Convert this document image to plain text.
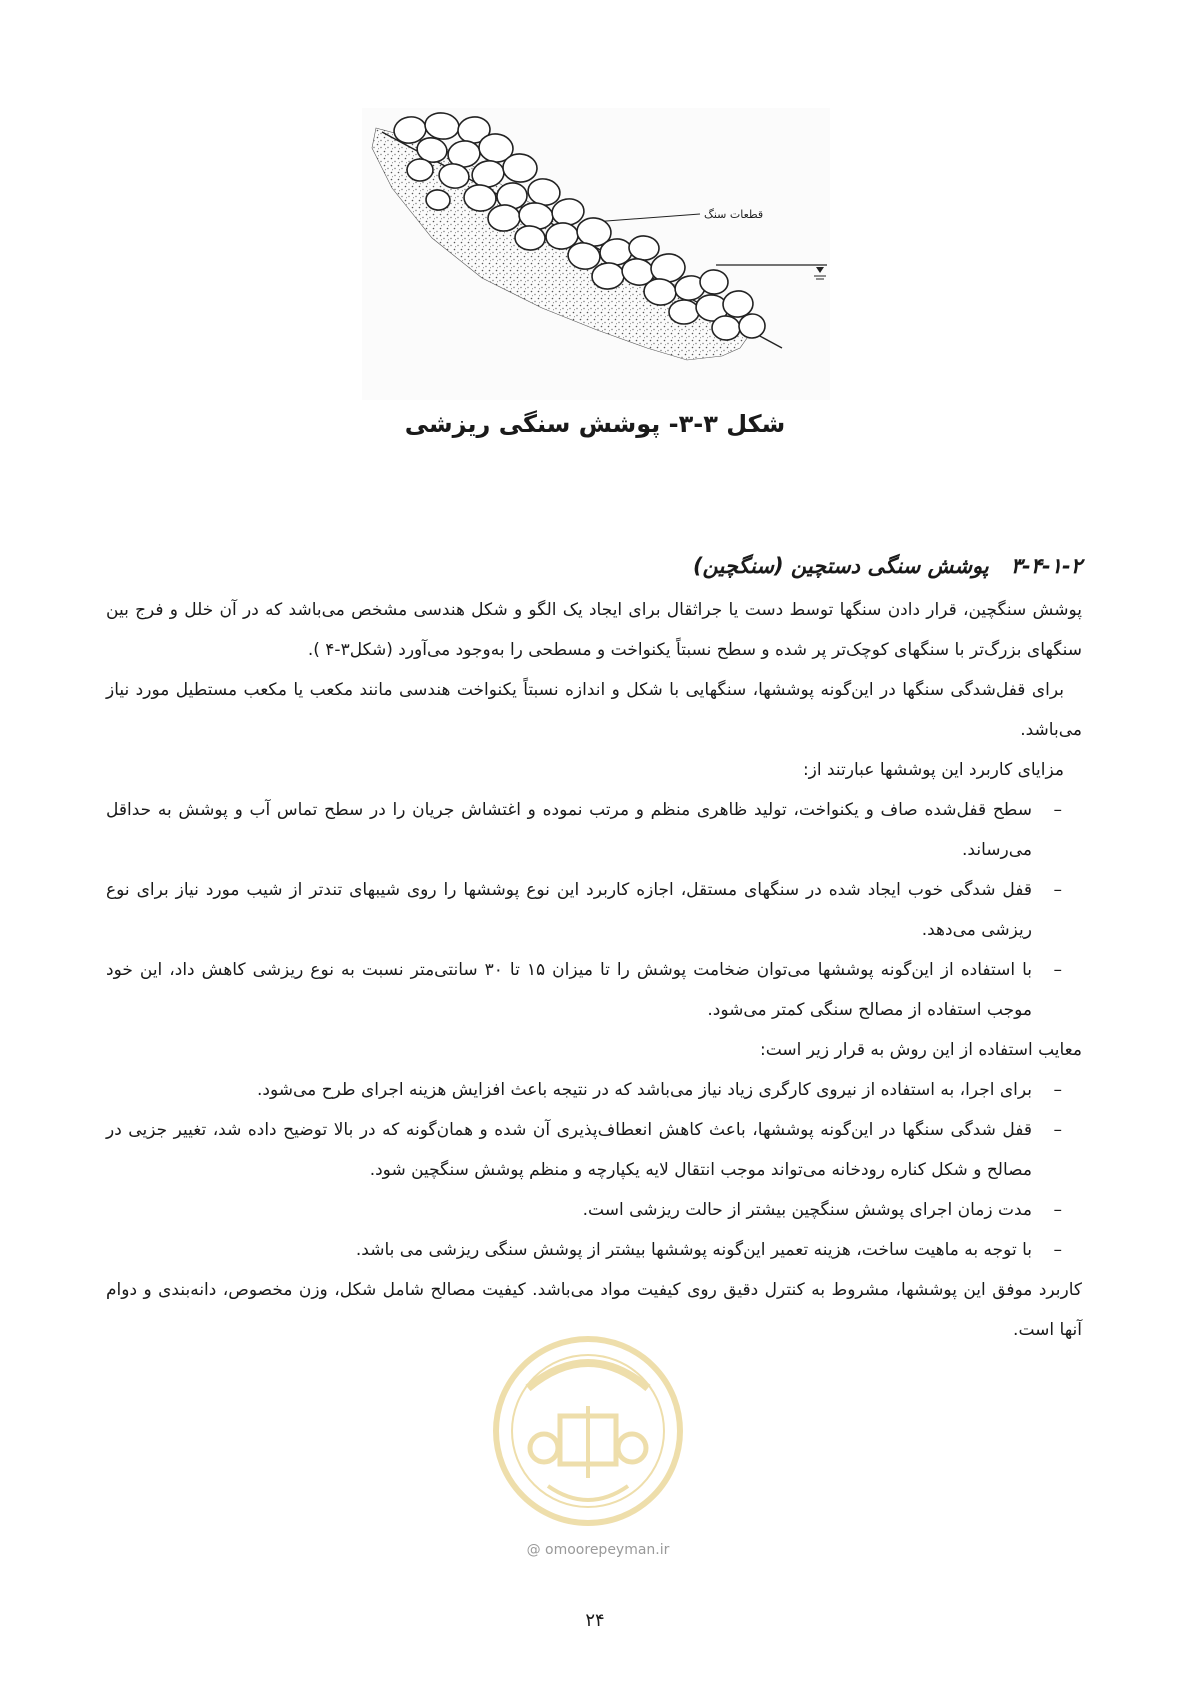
قطعات سنگ
شکل ۳-۳- پوشش سنگی ریزشی
۳-۴-۱-۲پوشش سنگی دستچین (سنگچین)

پوشش سنگچین، قرار دادن سنگها توسط دست یا جراثقال برای ایجاد یک الگو و شکل هندسی مشخص می‌باشد که در آن خلل و فرج بین سنگهای بزرگ‌تر با سنگهای کوچک‌تر پر شده و سطح نسبتاً یکنواخت و مسطحی را به‌وجود می‌آورد (شکل۳-۴ ).

برای قفل‌شدگی سنگها در این‌گونه پوششها، سنگهایی با شکل و اندازه نسبتاً یکنواخت هندسی مانند مکعب یا مکعب مستطیل مورد نیاز می‌باشد.

مزایای کاربرد این پوششها عبارتند از:

–
سطح قفل‌شده صاف و یکنواخت، تولید ظاهری منظم و مرتب نموده و اغتشاش جریان را در سطح تماس آب و پوشش به حداقل می‌رساند.
–
قفل شدگی خوب ایجاد شده در سنگهای مستقل، اجازه کاربرد این نوع پوششها را روی شیبهای تندتر از شیب مورد نیاز برای نوع ریزشی می‌دهد.
–
با استفاده از این‌گونه پوششها می‌توان ضخامت پوشش را تا میزان ۱۵ تا ۳۰ سانتی‌متر نسبت به نوع ریزشی کاهش داد، این خود موجب استفاده از مصالح سنگی کمتر می‌شود.

معایب استفاده از این روش به قرار زیر است:

–
برای اجرا، به استفاده از نیروی کارگری زیاد نیاز می‌باشد که در نتیجه باعث افزایش هزینه اجرای طرح می‌شود.
–
قفل شدگی سنگها در این‌گونه پوششها، باعث کاهش انعطاف‌پذیری آن شده و همان‌گونه که در بالا توضیح داده شد، تغییر جزیی در مصالح و شکل کناره رودخانه می‌تواند موجب انتقال لایه یکپارچه و منظم پوشش سنگچین شود.
–
مدت زمان اجرای پوشش سنگچین بیشتر از حالت ریزشی است.
–
با توجه به ماهیت ساخت، هزینه تعمیر این‌گونه پوششها بیشتر از پوشش سنگی ریزشی می باشد.

کاربرد موفق این پوششها، مشروط به کنترل دقیق روی کیفیت مواد می‌باشد. کیفیت مصالح شامل شکل، وزن مخصوص، دانه‌بندی و دوام آنها است.

@ omoorepeyman.ir
۲۴
